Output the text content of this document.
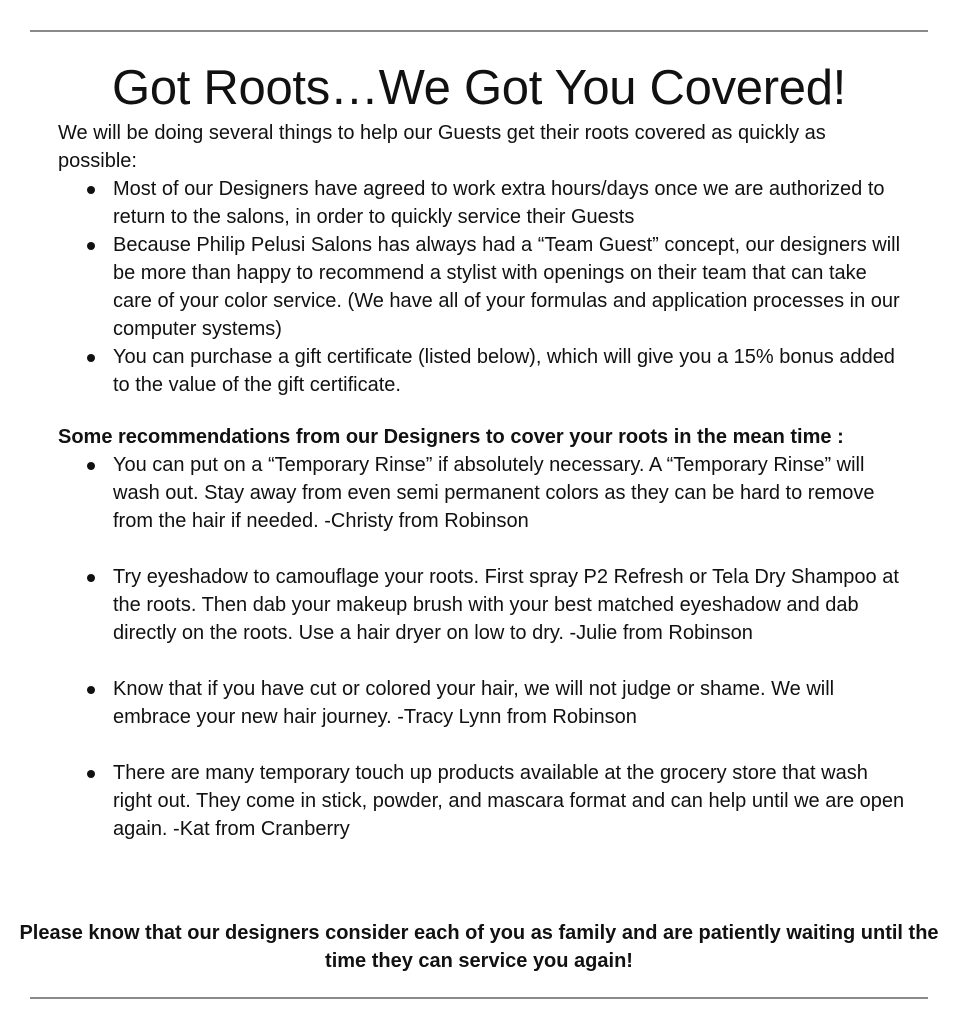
Got Roots…We Got You Covered!

We will be doing several things to help our Guests get their roots covered as quickly as possible:

Most of our Designers have agreed to work extra hours/days once we are authorized to return to the salons, in order to quickly service their Guests
Because Philip Pelusi Salons has always had a “Team Guest” concept, our designers will be more than happy to recommend a stylist with openings on their team that can take care of your color service. (We have all of your formulas and application processes in our computer systems)
You can purchase a gift certificate (listed below), which will give you a 15% bonus added to the value of the gift certificate.

Some recommendations from our Designers to cover your roots in the mean time :

You can put on a “Temporary Rinse” if absolutely necessary. A “Temporary Rinse” will wash out. Stay away from even semi permanent colors as they can be hard to remove from the hair if needed. -Christy from Robinson
Try eyeshadow to camouflage your roots. First spray P2 Refresh or Tela Dry Shampoo at the roots. Then dab your makeup brush with your best matched eyeshadow and dab directly on the roots. Use a hair dryer on low to dry. -Julie from Robinson
Know that if you have cut or colored your hair, we will not judge or shame. We will embrace your new hair journey. -Tracy Lynn from Robinson
There are many temporary touch up products available at the grocery store that wash right out. They come in stick, powder, and mascara format and can help until we are open again. -Kat from Cranberry

Please know that our designers consider each of you as family and are patiently waiting until the time they can service you again!
